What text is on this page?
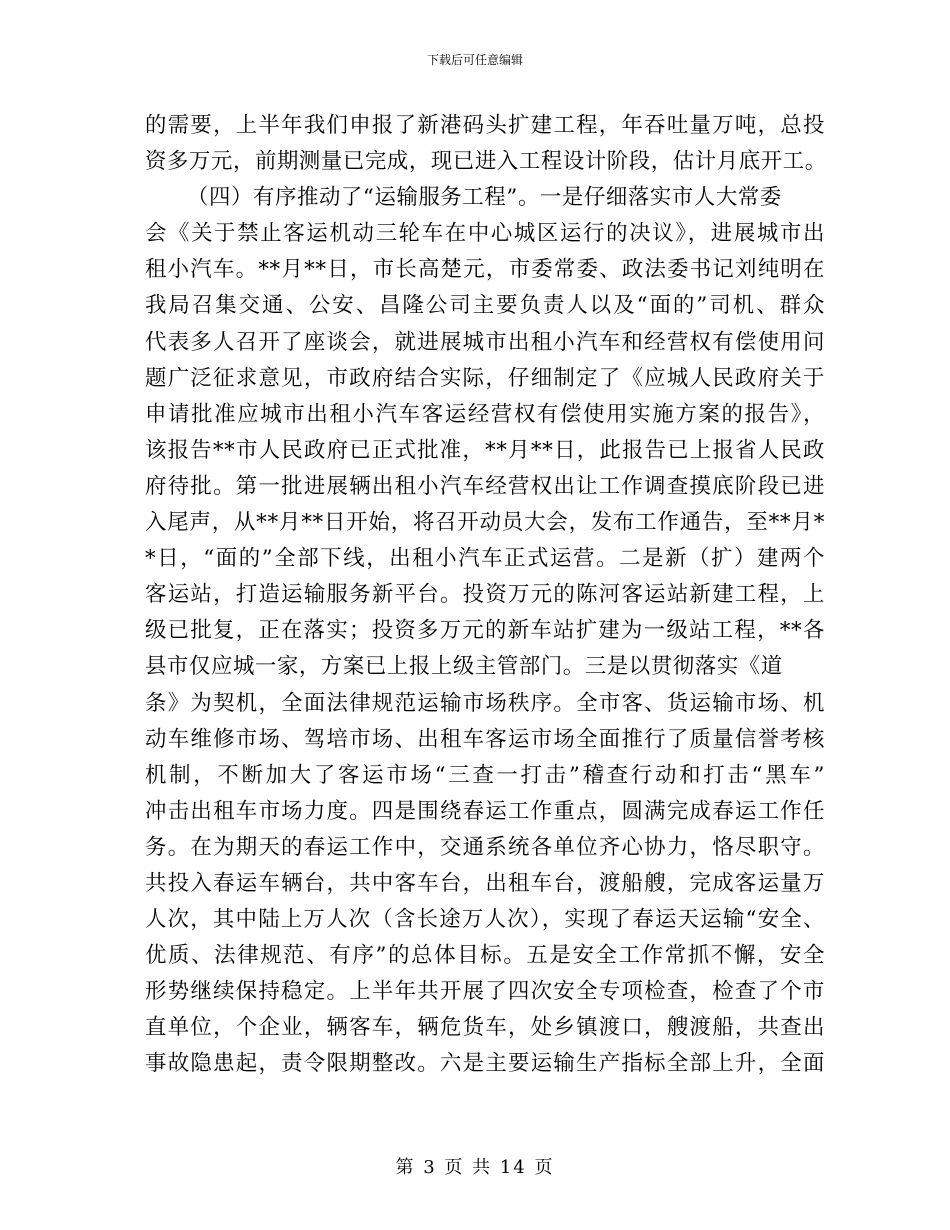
下载后可任意编辑
的需要，上半年我们申报了新港码头扩建工程，年吞吐量万吨，总投
资多万元，前期测量已完成，现已进入工程设计阶段，估计月底开工。
（四）有序推动了“运输服务工程”。一是仔细落实市人大常委
会《关于禁止客运机动三轮车在中心城区运行的决议》，进展城市出
租小汽车。**月**日，市长高楚元，市委常委、政法委书记刘纯明在
我局召集交通、公安、昌隆公司主要负责人以及“面的”司机、群众
代表多人召开了座谈会，就进展城市出租小汽车和经营权有偿使用问
题广泛征求意见，市政府结合实际，仔细制定了《应城人民政府关于
申请批准应城市出租小汽车客运经营权有偿使用实施方案的报告》，
该报告**市人民政府已正式批准，**月**日，此报告已上报省人民政
府待批。第一批进展辆出租小汽车经营权出让工作调查摸底阶段已进
入尾声，从**月**日开始，将召开动员大会，发布工作通告，至**月*
*日，“面的”全部下线，出租小汽车正式运营。二是新（扩）建两个
客运站，打造运输服务新平台。投资万元的陈河客运站新建工程，上
级已批复，正在落实；投资多万元的新车站扩建为一级站工程，**各
县市仅应城一家，方案已上报上级主管部门。三是以贯彻落实《道
条》为契机，全面法律规范运输市场秩序。全市客、货运输市场、机
动车维修市场、驾培市场、出租车客运市场全面推行了质量信誉考核
机制，不断加大了客运市场“三查一打击”稽查行动和打击“黑车”
冲击出租车市场力度。四是围绕春运工作重点，圆满完成春运工作任
务。在为期天的春运工作中，交通系统各单位齐心协力，恪尽职守。
共投入春运车辆台，共中客车台，出租车台，渡船艘，完成客运量万
人次，其中陆上万人次（含长途万人次），实现了春运天运输“安全、
优质、法律规范、有序”的总体目标。五是安全工作常抓不懈，安全
形势继续保持稳定。上半年共开展了四次安全专项检查，检查了个市
直单位，个企业，辆客车，辆危货车，处乡镇渡口，艘渡船，共查出
事故隐患起，责令限期整改。六是主要运输生产指标全部上升，全面
第 3 页 共 14 页
